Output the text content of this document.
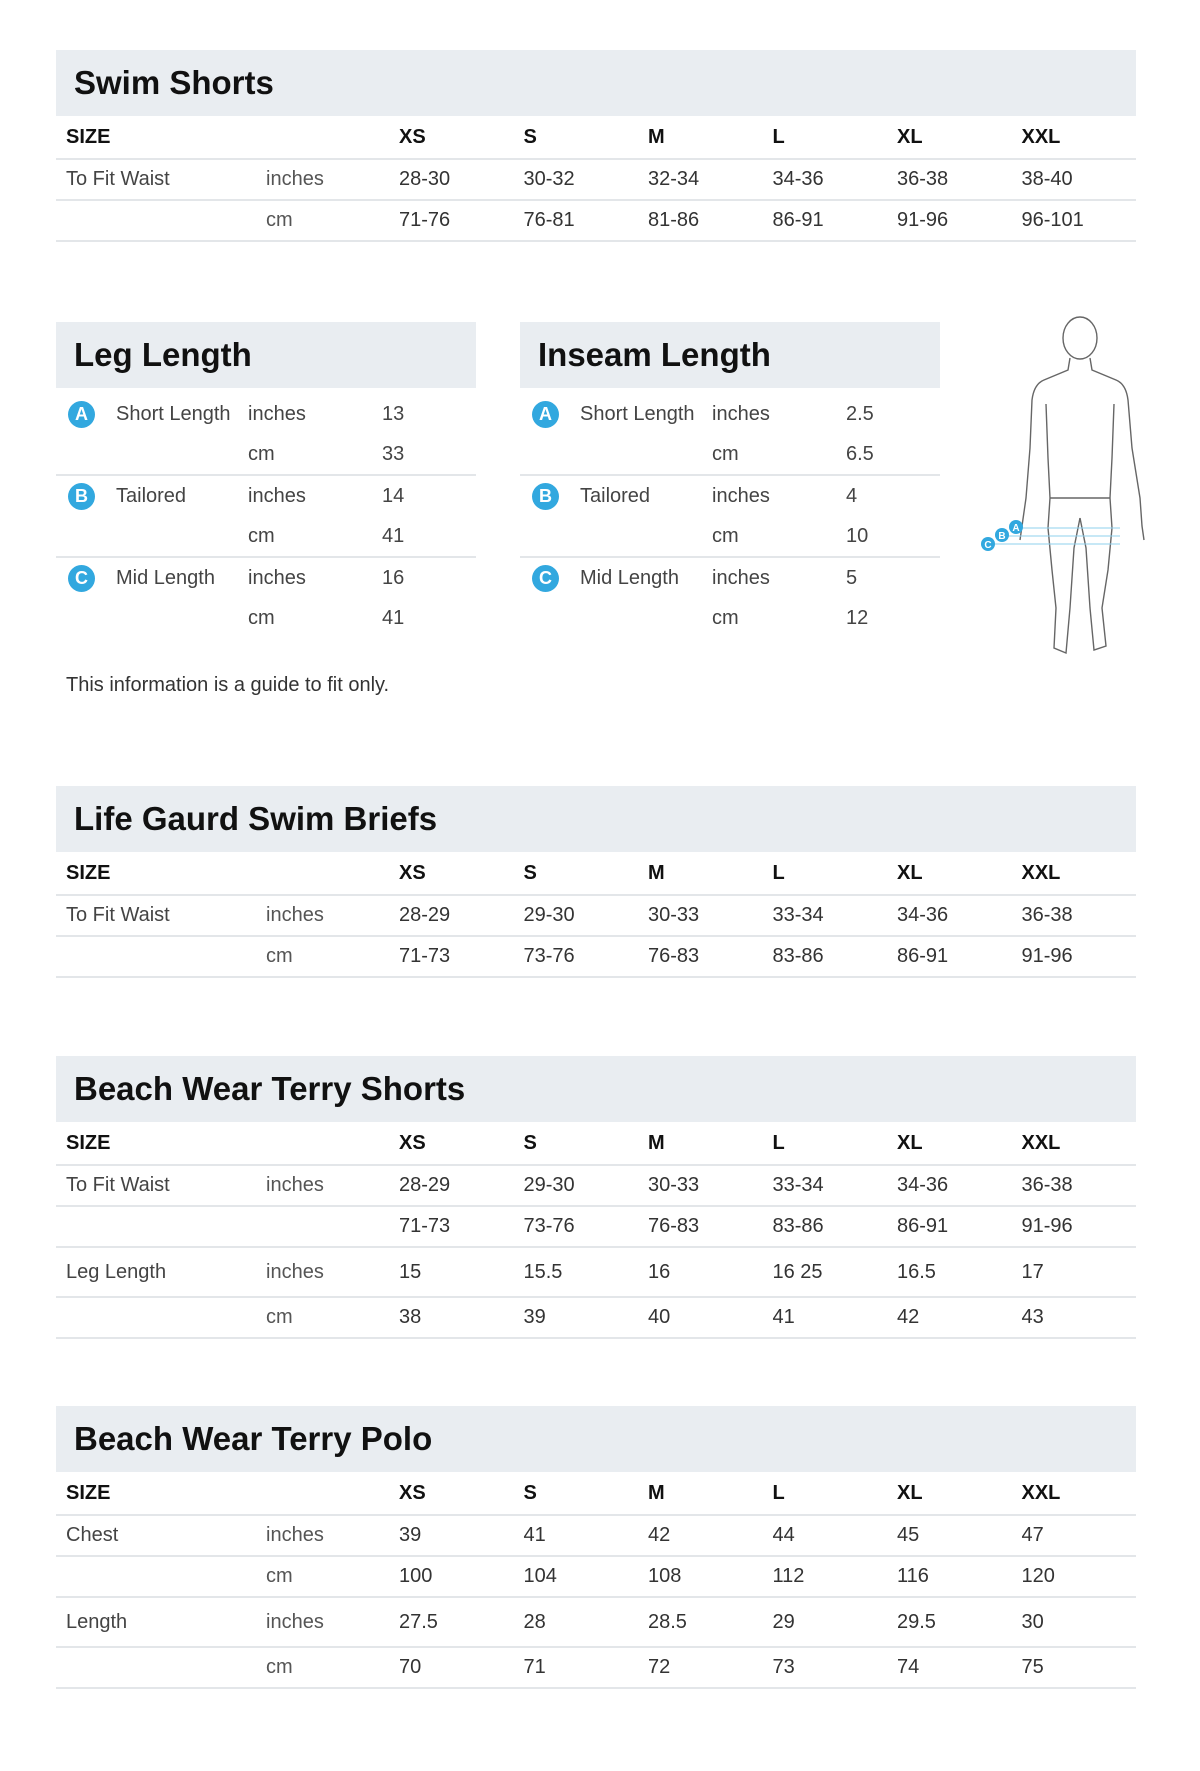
Swim Shorts
SIZE		XS	S	M	L	XL	XXL
To Fit Waist	inches	28-30	30-32	32-34	34-36	36-38	38-40
	cm	71-76	76-81	81-86	86-91	91-96	96-101
Leg Length
A	Short Length	inches	13
		cm	33
B	Tailored	inches	14
		cm	41
C	Mid Length	inches	16
		cm	41
Inseam Length
A	Short Length	inches	2.5
		cm	6.5
B	Tailored	inches	4
		cm	10
C	Mid Length	inches	5
		cm	12
A
B
C
This information is a guide to fit only.
Life Gaurd Swim Briefs
SIZE		XS	S	M	L	XL	XXL
To Fit Waist	inches	28-29	29-30	30-33	33-34	34-36	36-38
	cm	71-73	73-76	76-83	83-86	86-91	91-96
Beach Wear Terry Shorts
SIZE		XS	S	M	L	XL	XXL
To Fit Waist	inches	28-29	29-30	30-33	33-34	34-36	36-38
		71-73	73-76	76-83	83-86	86-91	91-96
Leg Length	inches	15	15.5	16	16 25	16.5	17
	cm	38	39	40	41	42	43
Beach Wear Terry Polo
SIZE		XS	S	M	L	XL	XXL
Chest	inches	39	41	42	44	45	47
	cm	100	104	108	112	116	120
Length	inches	27.5	28	28.5	29	29.5	30
	cm	70	71	72	73	74	75
